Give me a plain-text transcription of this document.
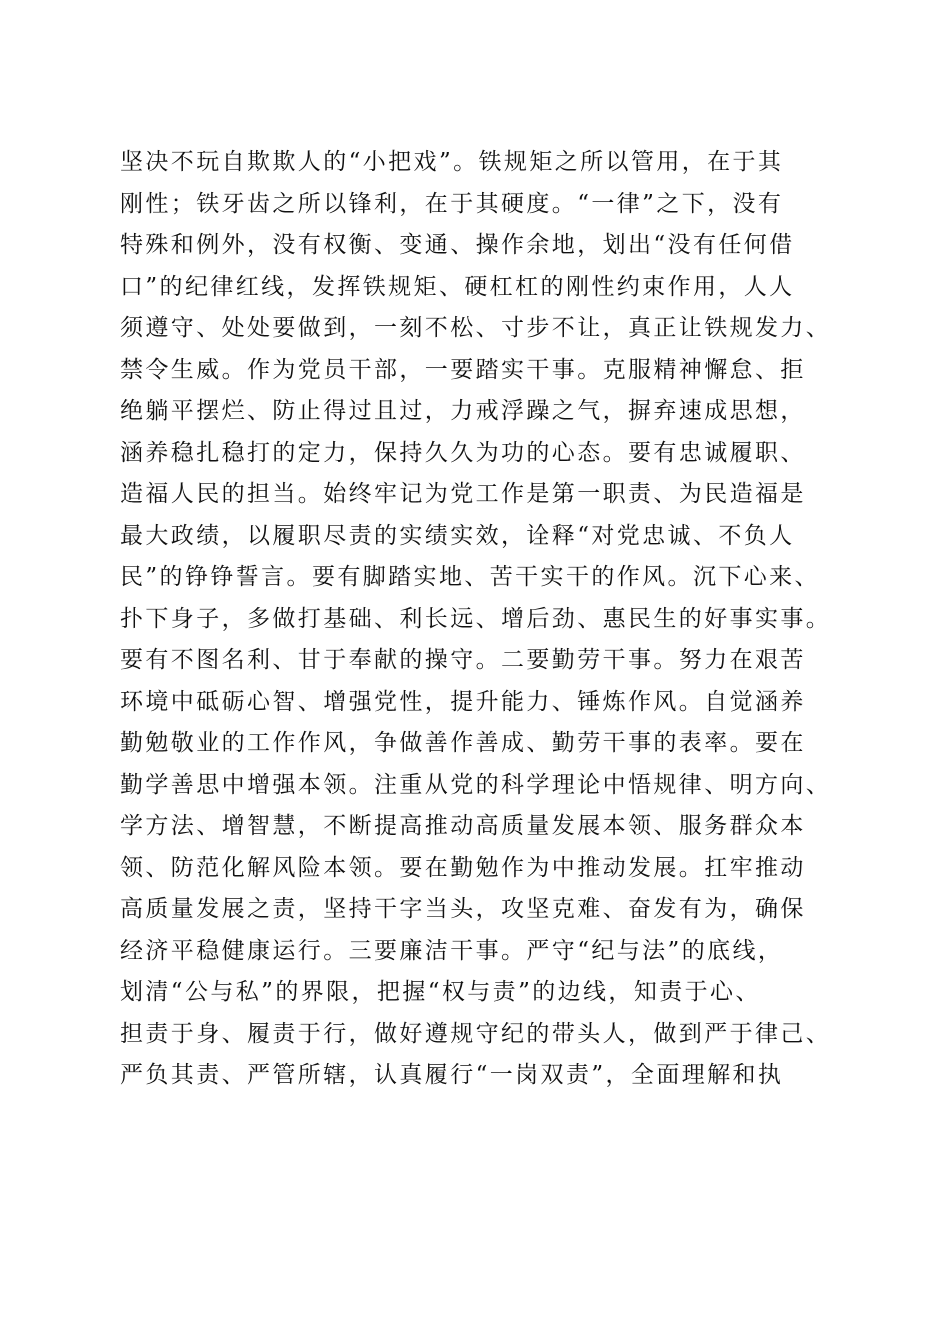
坚决不玩自欺欺人的“小把戏”。铁规矩之所以管用，在于其
刚性；铁牙齿之所以锋利，在于其硬度。“一律”之下，没有
特殊和例外，没有权衡、变通、操作余地，划出“没有任何借
口”的纪律红线，发挥铁规矩、硬杠杠的刚性约束作用，人人
须遵守、处处要做到，一刻不松、寸步不让，真正让铁规发力、
禁令生威。作为党员干部，一要踏实干事。克服精神懈怠、拒
绝躺平摆烂、防止得过且过，力戒浮躁之气，摒弃速成思想，
涵养稳扎稳打的定力，保持久久为功的心态。要有忠诚履职、
造福人民的担当。始终牢记为党工作是第一职责、为民造福是
最大政绩，以履职尽责的实绩实效，诠释“对党忠诚、不负人
民”的铮铮誓言。要有脚踏实地、苦干实干的作风。沉下心来、
扑下身子，多做打基础、利长远、增后劲、惠民生的好事实事。
要有不图名利、甘于奉献的操守。二要勤劳干事。努力在艰苦
环境中砥砺心智、增强党性，提升能力、锤炼作风。自觉涵养
勤勉敬业的工作作风，争做善作善成、勤劳干事的表率。要在
勤学善思中增强本领。注重从党的科学理论中悟规律、明方向、
学方法、增智慧，不断提高推动高质量发展本领、服务群众本
领、防范化解风险本领。要在勤勉作为中推动发展。扛牢推动
高质量发展之责，坚持干字当头，攻坚克难、奋发有为，确保
经济平稳健康运行。三要廉洁干事。严守“纪与法”的底线，
划清“公与私”的界限，把握“权与责”的边线，知责于心、
担责于身、履责于行，做好遵规守纪的带头人，做到严于律己、
严负其责、严管所辖，认真履行“一岗双责”，全面理解和执
